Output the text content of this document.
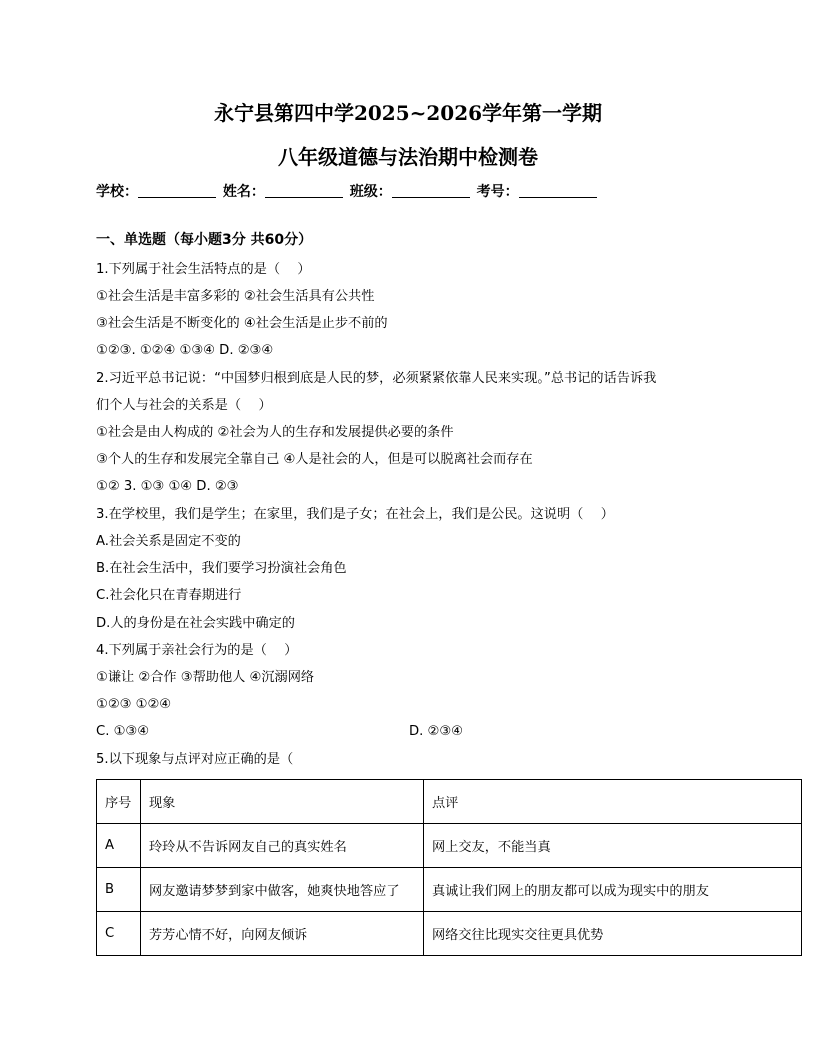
永宁县第四中学2025~2026学年第一学期
八年级道德与法治期中检测卷
学校：	姓名：	班级：	考号：
一、单选题（每小题3分 共60分）
1.下列属于社会生活特点的是（　 ）
①社会生活是丰富多彩的 ②社会生活具有公共性
③社会生活是不断变化的 ④社会生活是止步不前的
①②③. ①②④ ①③④ D. ②③④
2.习近平总书记说：“中国梦归根到底是人民的梦，必须紧紧依靠人民来实现。”总书记的话告诉我
们个人与社会的关系是（　 ）
①社会是由人构成的 ②社会为人的生存和发展提供必要的条件
③个人的生存和发展完全靠自己 ④人是社会的人，但是可以脱离社会而存在
①② 3. ①③ ①④ D. ②③
3.在学校里，我们是学生；在家里，我们是子女；在社会上，我们是公民。这说明（　 ）
A.社会关系是固定不变的
B.在社会生活中，我们要学习扮演社会角色
C.社会化只在青春期进行
D.人的身份是在社会实践中确定的
4.下列属于亲社会行为的是（　 ）
①谦让 ②合作 ③帮助他人 ④沉溺网络
①②③ ①②④
C. ①③④	D. ②③④
5.以下现象与点评对应正确的是（
序号	现象	点评
A	玲玲从不告诉网友自己的真实姓名	网上交友，不能当真
B	网友邀请梦梦到家中做客，她爽快地答应了	真诚让我们网上的朋友都可以成为现实中的朋友
C	芳芳心情不好，向网友倾诉	网络交往比现实交往更具优势
